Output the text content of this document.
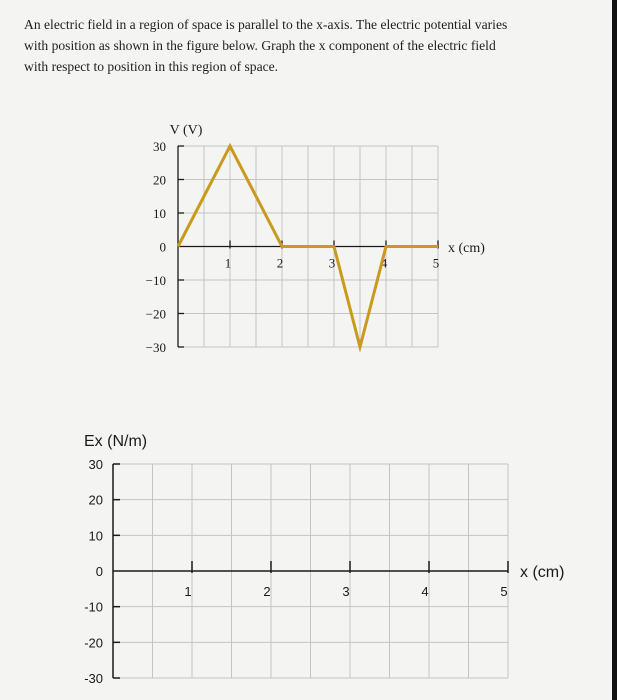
An electric field in a region of space is parallel to the x-axis. The electric potential varies
with position as shown in the figure below. Graph the x component of the electric field
with respect to position in this region of space.
30
20
10
0
−10
−20
−30
1	2	3	4	5
V (V)
x (cm)
30
20
10
0
-10
-20
-30
1	2	3	4	5
Ex (N/m)
x (cm)
